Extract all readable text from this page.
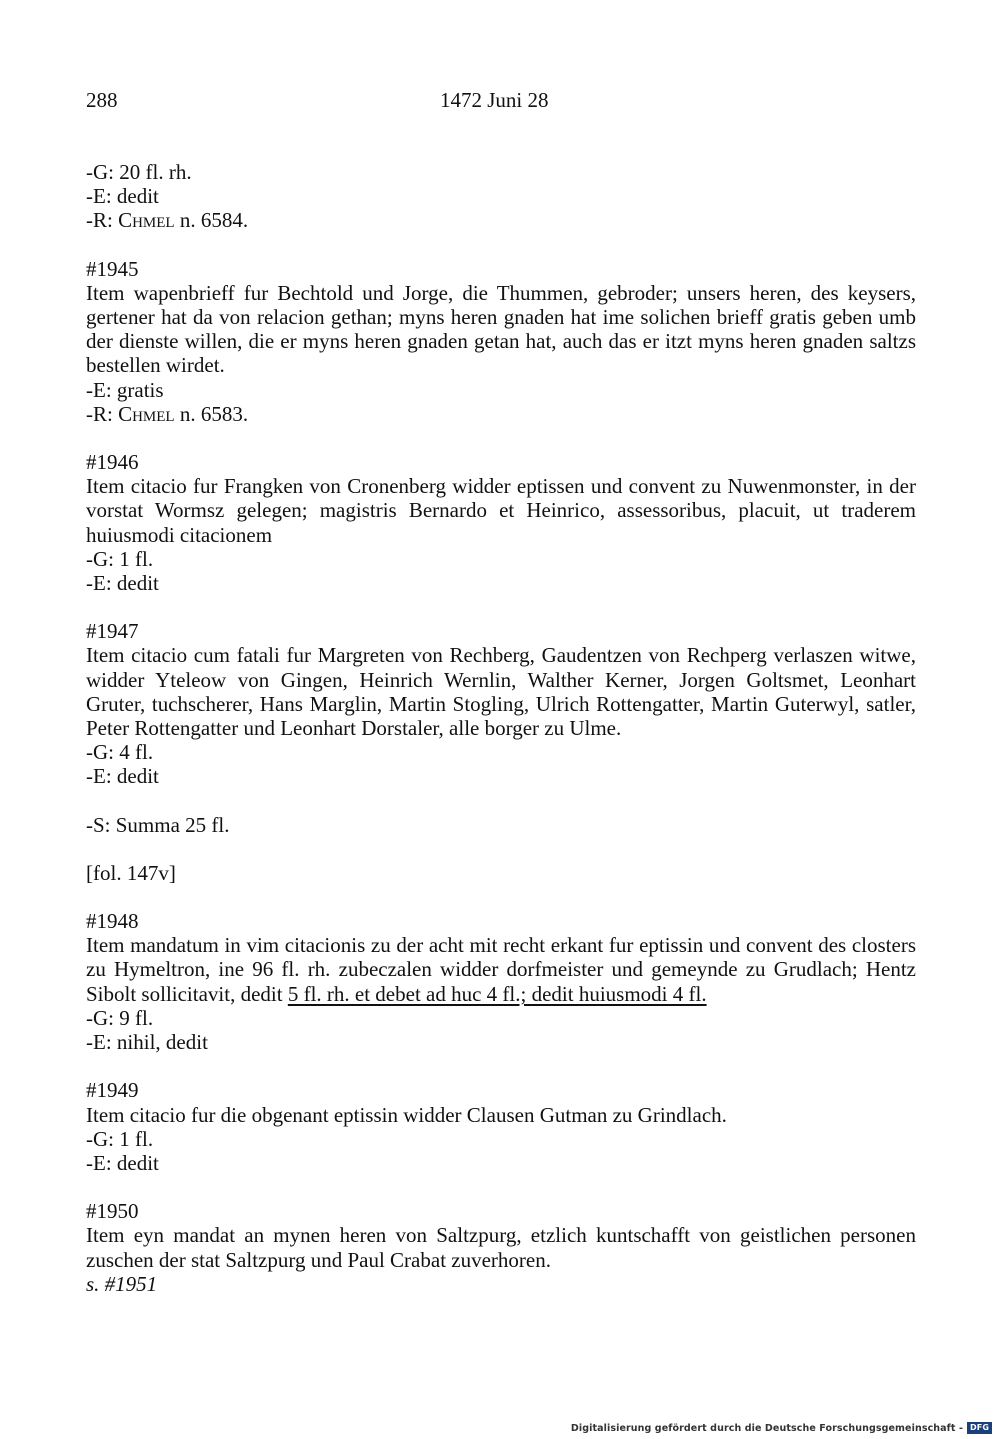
288	1472 Juni 28
-G: 20 fl. rh.
-E: dedit
-R: Chmel n. 6584.
#1945
Item wapenbrieff fur Bechtold und Jorge, die Thummen, gebroder; unsers heren, des keysers, gertener hat da von relacion gethan; myns heren gnaden hat ime solichen brieff gratis geben umb der dienste willen, die er myns heren gnaden getan hat, auch das er itzt myns heren gnaden saltzs bestellen wirdet.
-E: gratis
-R: Chmel n. 6583.
#1946
Item citacio fur Frangken von Cronenberg widder eptissen und convent zu Nuwenmonster, in der vorstat Wormsz gelegen; magistris Bernardo et Heinrico, assessoribus, placuit, ut traderem huiusmodi citacionem
-G: 1 fl.
-E: dedit
#1947
Item citacio cum fatali fur Margreten von Rechberg, Gaudentzen von Rechperg verlaszen witwe, widder Yteleow von Gingen, Heinrich Wernlin, Walther Kerner, Jorgen Goltsmet, Leonhart Gruter, tuchscherer, Hans Marglin, Martin Stogling, Ulrich Rottengatter, Martin Guterwyl, satler, Peter Rottengatter und Leonhart Dorstaler, alle borger zu Ulme.
-G: 4 fl.
-E: dedit
-S: Summa 25 fl.
[fol. 147v]
#1948
Item mandatum in vim citacionis zu der acht mit recht erkant fur eptissin und convent des closters zu Hymeltron, ine 96 fl. rh. zubeczalen widder dorfmeister und gemeynde zu Grudlach; Hentz Sibolt sollicitavit, dedit 5 fl. rh. et debet ad huc 4 fl.; dedit huiusmodi 4 fl.
-G: 9 fl.
-E: nihil, dedit
#1949
Item citacio fur die obgenant eptissin widder Clausen Gutman zu Grindlach.
-G: 1 fl.
-E: dedit
#1950
Item eyn mandat an mynen heren von Saltzpurg, etzlich kuntschafft von geistlichen personen zuschen der stat Saltzpurg und Paul Crabat zuverhoren.
s. #1951
Digitalisierung gefördert durch die Deutsche Forschungsgemeinschaft - DFG
